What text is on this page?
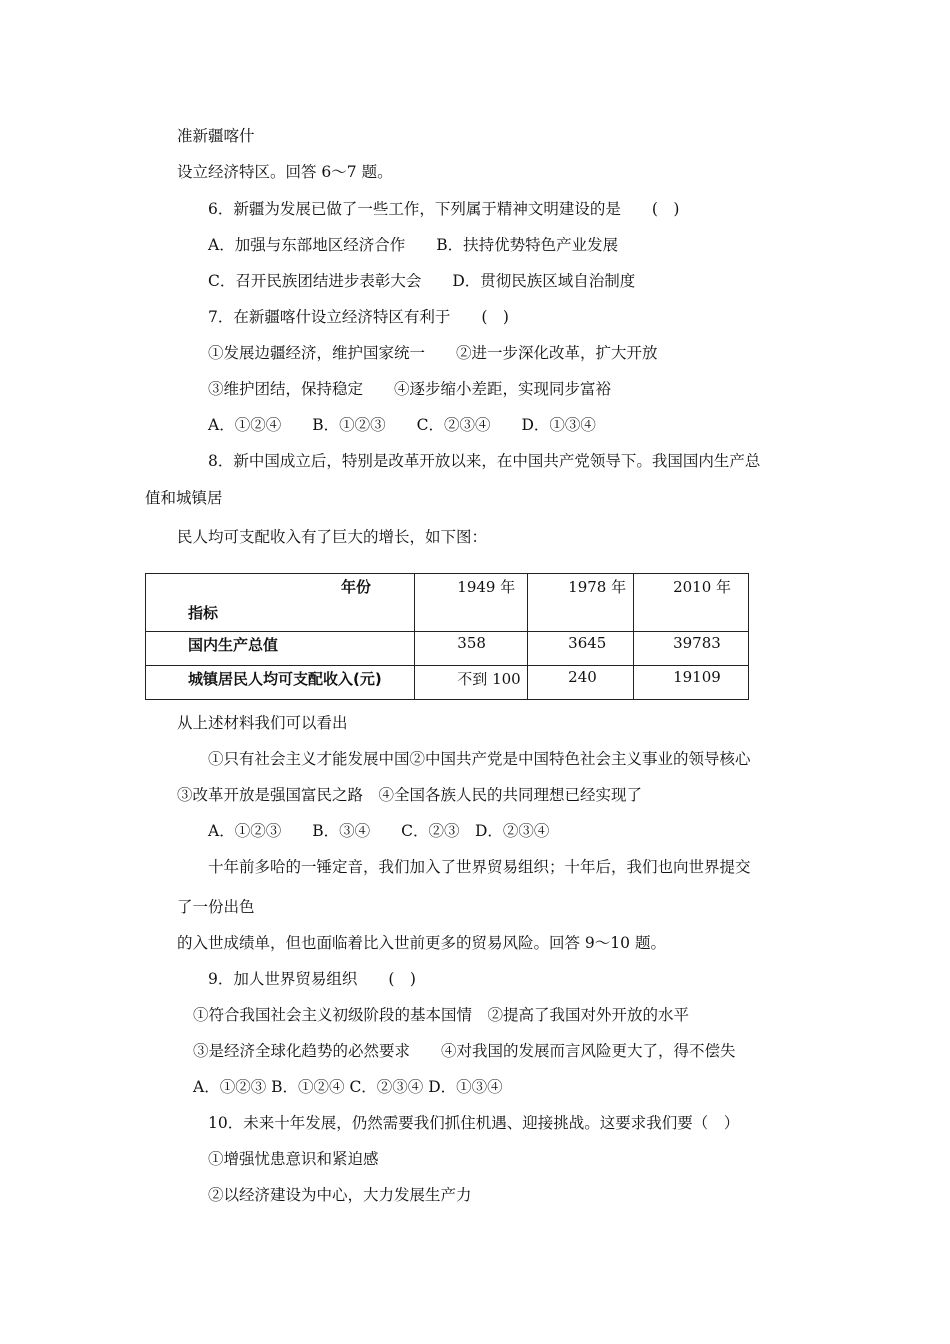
准新疆喀什
设立经济特区。回答 6～7 题。
6．新疆为发展已做了一些工作，下列属于精神文明建设的是　　(　)
A．加强与东部地区经济合作　　B．扶持优势特色产业发展
C．召开民族团结进步表彰大会　　D．贯彻民族区域自治制度
7．在新疆喀什设立经济特区有利于　　(　)
①发展边疆经济，维护国家统一　　②进一步深化改革，扩大开放
③维护团结，保持稳定　　④逐步缩小差距，实现同步富裕
A．①②④　　B．①②③　　C．②③④　　D．①③④
8．新中国成立后，特别是改革开放以来，在中国共产党领导下。我国国内生产总
值和城镇居
民人均可支配收入有了巨大的增长，如下图：
年份
指标	1949 年	1978 年	2010 年

国内生产总值	358	3645	39783

城镇居民人均可支配收入(元)	不到 100	240	19109
从上述材料我们可以看出
①只有社会主义才能发展中国②中国共产党是中国特色社会主义事业的领导核心
③改革开放是强国富民之路　④全国各族人民的共同理想已经实现了
A．①②③　　B．③④　　C．②③　D．②③④
十年前多哈的一锤定音，我们加入了世界贸易组织；十年后，我们也向世界提交
了一份出色
的入世成绩单，但也面临着比入世前更多的贸易风险。回答 9～10 题。
9．加人世界贸易组织　　(　)
①符合我国社会主义初级阶段的基本国情　②提高了我国对外开放的水平
③是经济全球化趋势的必然要求　　④对我国的发展而言风险更大了，得不偿失
A．①②③ B．①②④ C．②③④ D．①③④
10．未来十年发展，仍然需要我们抓住机遇、迎接挑战。这要求我们要（　）
①增强忧患意识和紧迫感
②以经济建设为中心，大力发展生产力
